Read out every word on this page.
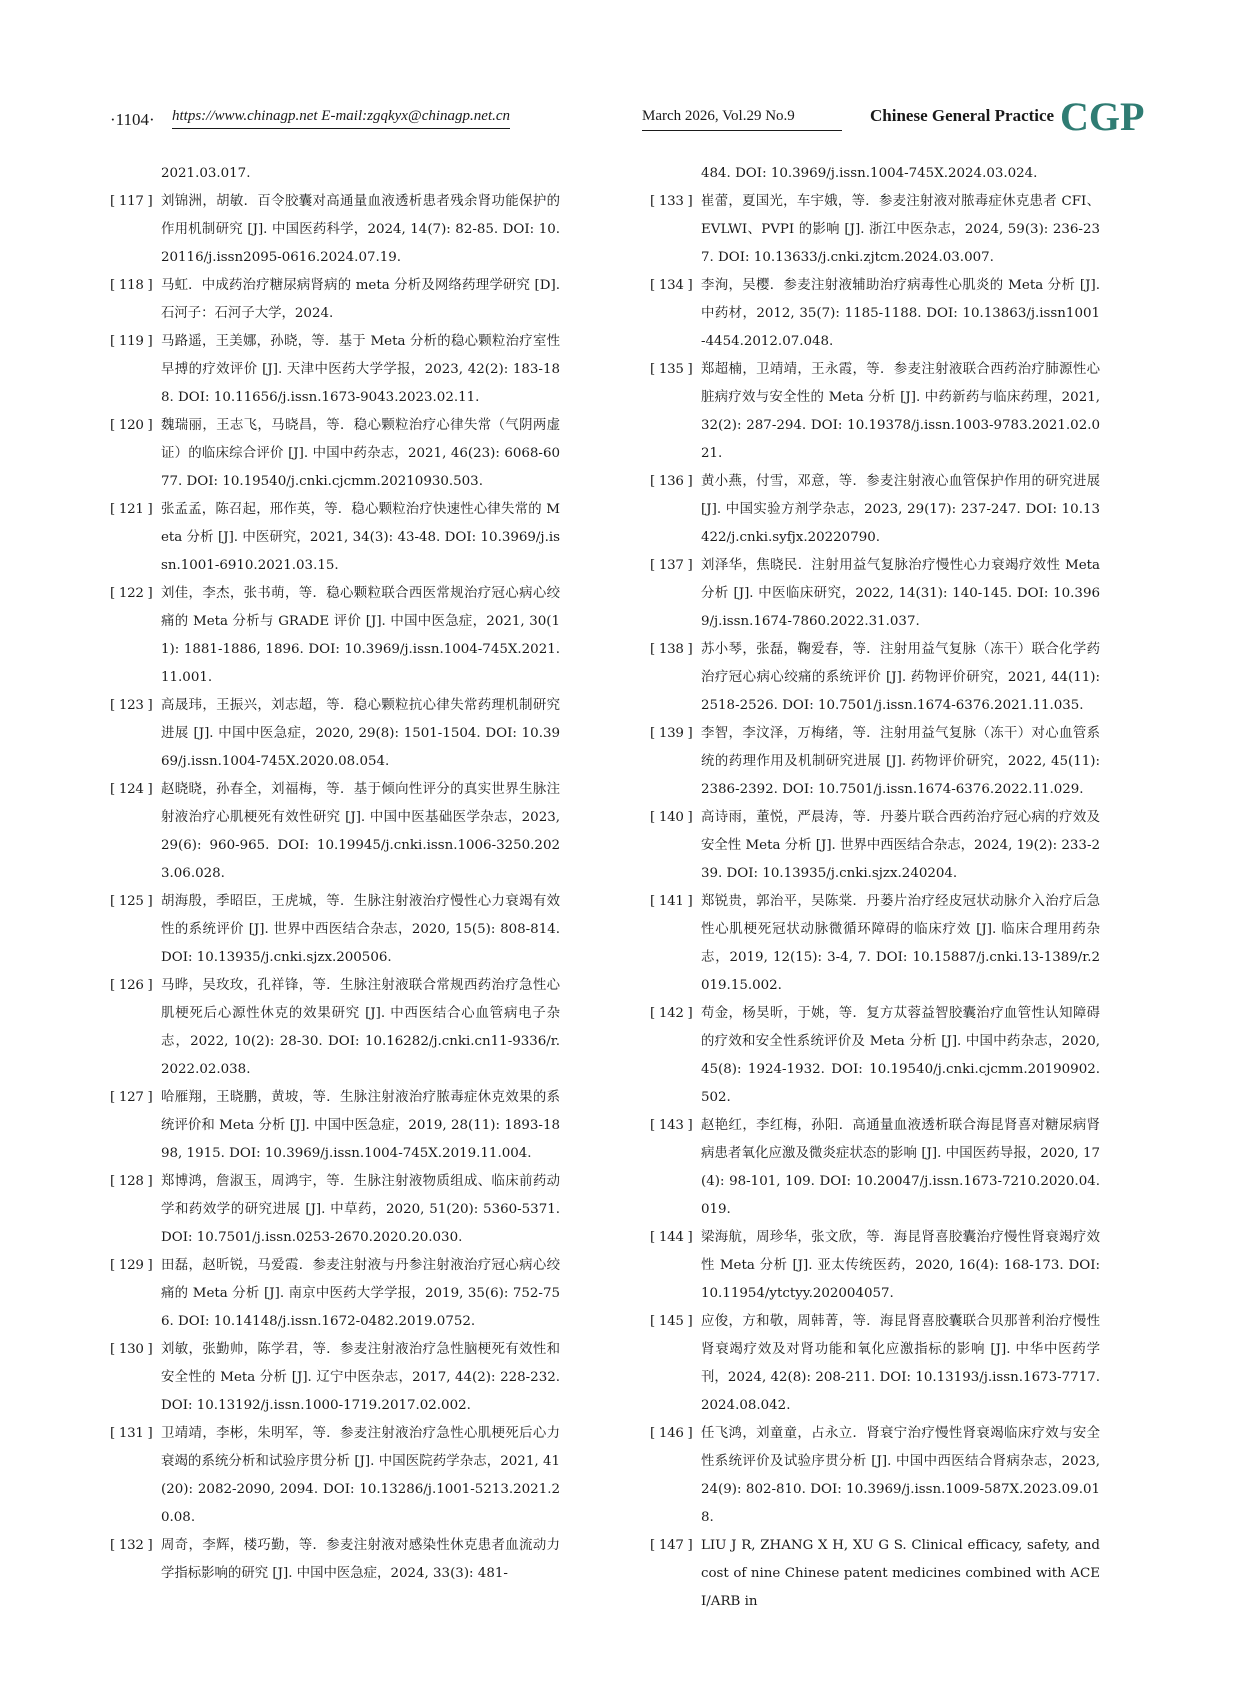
·1104· https://www.chinagp.net E-mail:zgqkyx@chinagp.net.cn	March 2026, Vol.29 No.9	Chinese General Practice CGP
2021.03.017.
[ 117 ] 刘锦洲，胡敏．百令胶囊对高通量血液透析患者残余肾功能保护的作用机制研究 [J]. 中国医药科学，2024, 14(7): 82-85. DOI: 10.20116/j.issn2095-0616.2024.07.19.
[ 118 ] 马虹．中成药治疗糖尿病肾病的 meta 分析及网络药理学研究 [D]. 石河子：石河子大学，2024.
[ 119 ] 马路遥，王美娜，孙晓，等．基于 Meta 分析的稳心颗粒治疗室性早搏的疗效评价 [J]. 天津中医药大学学报，2023, 42(2): 183-188. DOI: 10.11656/j.issn.1673-9043.2023.02.11.
[ 120 ] 魏瑞丽，王志飞，马晓昌，等．稳心颗粒治疗心律失常（气阴两虚证）的临床综合评价 [J]. 中国中药杂志，2021, 46(23): 6068-6077. DOI: 10.19540/j.cnki.cjcmm.20210930.503.
[ 121 ] 张孟孟，陈召起，邢作英，等．稳心颗粒治疗快速性心律失常的 Meta 分析 [J]. 中医研究，2021, 34(3): 43-48. DOI: 10.3969/j.issn.1001-6910.2021.03.15.
[ 122 ] 刘佳，李杰，张书萌，等．稳心颗粒联合西医常规治疗冠心病心绞痛的 Meta 分析与 GRADE 评价 [J]. 中国中医急症，2021, 30(11): 1881-1886, 1896. DOI: 10.3969/j.issn.1004-745X.2021.11.001.
[ 123 ] 高晟玮，王振兴，刘志超，等．稳心颗粒抗心律失常药理机制研究进展 [J]. 中国中医急症，2020, 29(8): 1501-1504. DOI: 10.3969/j.issn.1004-745X.2020.08.054.
[ 124 ] 赵晓晓，孙春全，刘福梅，等．基于倾向性评分的真实世界生脉注射液治疗心肌梗死有效性研究 [J]. 中国中医基础医学杂志，2023, 29(6): 960-965. DOI: 10.19945/j.cnki.issn.1006-3250.2023.06.028.
[ 125 ] 胡海殷，季昭臣，王虎城，等．生脉注射液治疗慢性心力衰竭有效性的系统评价 [J]. 世界中西医结合杂志，2020, 15(5): 808-814. DOI: 10.13935/j.cnki.sjzx.200506.
[ 126 ] 马晔，吴玫玫，孔祥锋，等．生脉注射液联合常规西药治疗急性心肌梗死后心源性休克的效果研究 [J]. 中西医结合心血管病电子杂志，2022, 10(2): 28-30. DOI: 10.16282/j.cnki.cn11-9336/r.2022.02.038.
[ 127 ] 哈雁翔，王晓鹏，黄坡，等．生脉注射液治疗脓毒症休克效果的系统评价和 Meta 分析 [J]. 中国中医急症，2019, 28(11): 1893-1898, 1915. DOI: 10.3969/j.issn.1004-745X.2019.11.004.
[ 128 ] 郑博鸿，詹淑玉，周鸿宇，等．生脉注射液物质组成、临床前药动学和药效学的研究进展 [J]. 中草药，2020, 51(20): 5360-5371. DOI: 10.7501/j.issn.0253-2670.2020.20.030.
[ 129 ] 田磊，赵昕锐，马爱霞．参麦注射液与丹参注射液治疗冠心病心绞痛的 Meta 分析 [J]. 南京中医药大学学报，2019, 35(6): 752-756. DOI: 10.14148/j.issn.1672-0482.2019.0752.
[ 130 ] 刘敏，张勤帅，陈学君，等．参麦注射液治疗急性脑梗死有效性和安全性的 Meta 分析 [J]. 辽宁中医杂志，2017, 44(2): 228-232. DOI: 10.13192/j.issn.1000-1719.2017.02.002.
[ 131 ] 卫靖靖，李彬，朱明军，等．参麦注射液治疗急性心肌梗死后心力衰竭的系统分析和试验序贯分析 [J]. 中国医院药学杂志，2021, 41(20): 2082-2090, 2094. DOI: 10.13286/j.1001-5213.2021.20.08.
[ 132 ] 周奇，李辉，楼巧勤，等．参麦注射液对感染性休克患者血流动力学指标影响的研究 [J]. 中国中医急症，2024, 33(3): 481-
484. DOI: 10.3969/j.issn.1004-745X.2024.03.024.
[ 133 ] 崔蕾，夏国光，车宇娥，等．参麦注射液对脓毒症休克患者 CFI、EVLWI、PVPI 的影响 [J]. 浙江中医杂志，2024, 59(3): 236-237. DOI: 10.13633/j.cnki.zjtcm.2024.03.007.
[ 134 ] 李洵，吴樱．参麦注射液辅助治疗病毒性心肌炎的 Meta 分析 [J]. 中药材，2012, 35(7): 1185-1188. DOI: 10.13863/j.issn1001-4454.2012.07.048.
[ 135 ] 郑超楠，卫靖靖，王永霞，等．参麦注射液联合西药治疗肺源性心脏病疗效与安全性的 Meta 分析 [J]. 中药新药与临床药理，2021, 32(2): 287-294. DOI: 10.19378/j.issn.1003-9783.2021.02.021.
[ 136 ] 黄小燕，付雪，邓意，等．参麦注射液心血管保护作用的研究进展 [J]. 中国实验方剂学杂志，2023, 29(17): 237-247. DOI: 10.13422/j.cnki.syfjx.20220790.
[ 137 ] 刘泽华，焦晓民．注射用益气复脉治疗慢性心力衰竭疗效性 Meta 分析 [J]. 中医临床研究，2022, 14(31): 140-145. DOI: 10.3969/j.issn.1674-7860.2022.31.037.
[ 138 ] 苏小琴，张磊，鞠爱春，等．注射用益气复脉（冻干）联合化学药治疗冠心病心绞痛的系统评价 [J]. 药物评价研究，2021, 44(11): 2518-2526. DOI: 10.7501/j.issn.1674-6376.2021.11.035.
[ 139 ] 李智，李汶泽，万梅绪，等．注射用益气复脉（冻干）对心血管系统的药理作用及机制研究进展 [J]. 药物评价研究，2022, 45(11): 2386-2392. DOI: 10.7501/j.issn.1674-6376.2022.11.029.
[ 140 ] 高诗雨，董悦，严晨涛，等．丹蒌片联合西药治疗冠心病的疗效及安全性 Meta 分析 [J]. 世界中西医结合杂志，2024, 19(2): 233-239. DOI: 10.13935/j.cnki.sjzx.240204.
[ 141 ] 郑锐贵，郭治平，吴陈棠．丹蒌片治疗经皮冠状动脉介入治疗后急性心肌梗死冠状动脉微循环障碍的临床疗效 [J]. 临床合理用药杂志，2019, 12(15): 3-4, 7. DOI: 10.15887/j.cnki.13-1389/r.2019.15.002.
[ 142 ] 苟金，杨昊昕，于姚，等．复方苁蓉益智胶囊治疗血管性认知障碍的疗效和安全性系统评价及 Meta 分析 [J]. 中国中药杂志，2020, 45(8): 1924-1932. DOI: 10.19540/j.cnki.cjcmm.20190902.502.
[ 143 ] 赵艳红，李红梅，孙阳．高通量血液透析联合海昆肾喜对糖尿病肾病患者氧化应激及微炎症状态的影响 [J]. 中国医药导报，2020, 17(4): 98-101, 109. DOI: 10.20047/j.issn.1673-7210.2020.04.019.
[ 144 ] 梁海航，周珍华，张文欣，等．海昆肾喜胶囊治疗慢性肾衰竭疗效性 Meta 分析 [J]. 亚太传统医药，2020, 16(4): 168-173. DOI: 10.11954/ytctyy.202004057.
[ 145 ] 应俊，方和敬，周韩菁，等．海昆肾喜胶囊联合贝那普利治疗慢性肾衰竭疗效及对肾功能和氧化应激指标的影响 [J]. 中华中医药学刊，2024, 42(8): 208-211. DOI: 10.13193/j.issn.1673-7717.2024.08.042.
[ 146 ] 任飞鸿，刘童童，占永立．肾衰宁治疗慢性肾衰竭临床疗效与安全性系统评价及试验序贯分析 [J]. 中国中西医结合肾病杂志，2023, 24(9): 802-810. DOI: 10.3969/j.issn.1009-587X.2023.09.018.
[ 147 ] LIU J R, ZHANG X H, XU G S. Clinical efficacy, safety, and cost of nine Chinese patent medicines combined with ACEI/ARB in
